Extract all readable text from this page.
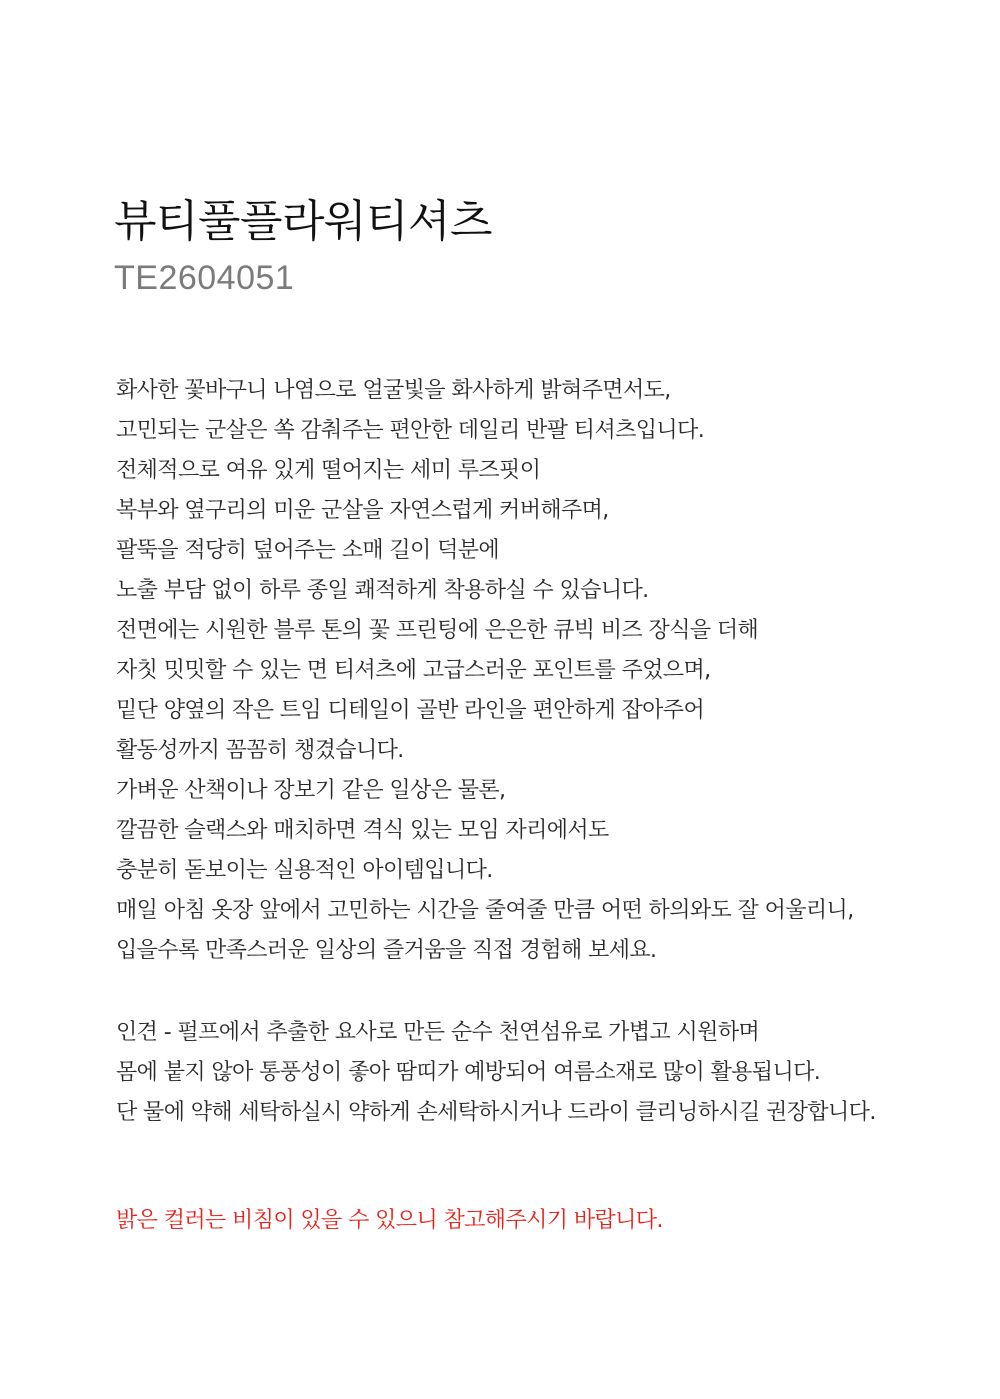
뷰티풀플라워티셔츠
TE2604051
화사한 꽃바구니 나염으로 얼굴빛을 화사하게 밝혀주면서도,
고민되는 군살은 쏙 감춰주는 편안한 데일리 반팔 티셔츠입니다.
전체적으로 여유 있게 떨어지는 세미 루즈핏이
복부와 옆구리의 미운 군살을 자연스럽게 커버해주며,
팔뚝을 적당히 덮어주는 소매 길이 덕분에
노출 부담 없이 하루 종일 쾌적하게 착용하실 수 있습니다.
전면에는 시원한 블루 톤의 꽃 프린팅에 은은한 큐빅 비즈 장식을 더해
자칫 밋밋할 수 있는 면 티셔츠에 고급스러운 포인트를 주었으며,
밑단 양옆의 작은 트임 디테일이 골반 라인을 편안하게 잡아주어
활동성까지 꼼꼼히 챙겼습니다.
가벼운 산책이나 장보기 같은 일상은 물론,
깔끔한 슬랙스와 매치하면 격식 있는 모임 자리에서도
충분히 돋보이는 실용적인 아이템입니다.
매일 아침 옷장 앞에서 고민하는 시간을 줄여줄 만큼 어떤 하의와도 잘 어울리니,
입을수록 만족스러운 일상의 즐거움을 직접 경험해 보세요.
인견 - 펄프에서 추출한 요사로 만든 순수 천연섬유로 가볍고 시원하며
몸에 붙지 않아 통풍성이 좋아 땀띠가 예방되어 여름소재로 많이 활용됩니다.
단 물에 약해 세탁하실시 약하게 손세탁하시거나 드라이 클리닝하시길 권장합니다.
밝은 컬러는 비침이 있을 수 있으니 참고해주시기 바랍니다.
